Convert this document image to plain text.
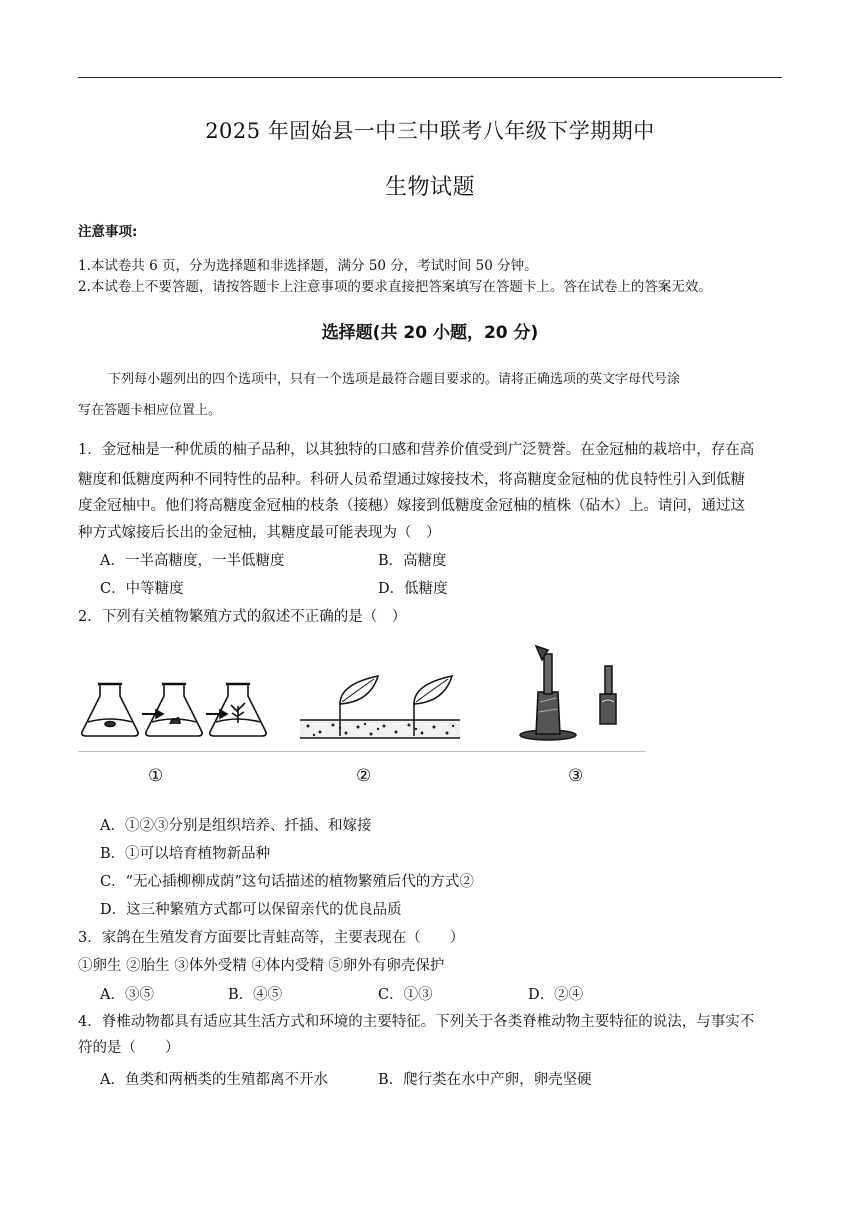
2025 年固始县一中三中联考八年级下学期期中
生物试题
注意事项:
1.本试卷共 6 页，分为选择题和非选择题，满分 50 分，考试时间 50 分钟。
2.本试卷上不要答题，请按答题卡上注意事项的要求直接把答案填写在答题卡上。答在试卷上的答案无效。
选择题(共 20 小题，20 分)
下列每小题列出的四个选项中，只有一个选项是最符合题目要求的。请将正确选项的英文字母代号涂
写在答题卡相应位置上。
1．金冠柚是一种优质的柚子品种，以其独特的口感和营养价值受到广泛赞誉。在金冠柚的栽培中，存在高
糖度和低糖度两种不同特性的品种。科研人员希望通过嫁接技术，将高糖度金冠柚的优良特性引入到低糖
度金冠柚中。他们将高糖度金冠柚的枝条（接穗）嫁接到低糖度金冠柚的植株（砧木）上。请问，通过这
种方式嫁接后长出的金冠柚，其糖度最可能表现为（　）
A．一半高糖度，一半低糖度	B．高糖度
C．中等糖度	D．低糖度
2．下列有关植物繁殖方式的叙述不正确的是（　）
①	②	③
A．①②③分别是组织培养、扦插、和嫁接
B．①可以培育植物新品种
C．“无心插柳柳成荫”这句话描述的植物繁殖后代的方式②
D．这三种繁殖方式都可以保留亲代的优良品质
3．家鸽在生殖发育方面要比青蛙高等，主要表现在（　　）
①卵生 ②胎生 ③体外受精 ④体内受精 ⑤卵外有卵壳保护
A．③⑤	B．④⑤	C．①③	D．②④
4．脊椎动物都具有适应其生活方式和环境的主要特征。下列关于各类脊椎动物主要特征的说法，与事实不
符的是（　　）
A．鱼类和两栖类的生殖都离不开水	B．爬行类在水中产卵，卵壳坚硬
